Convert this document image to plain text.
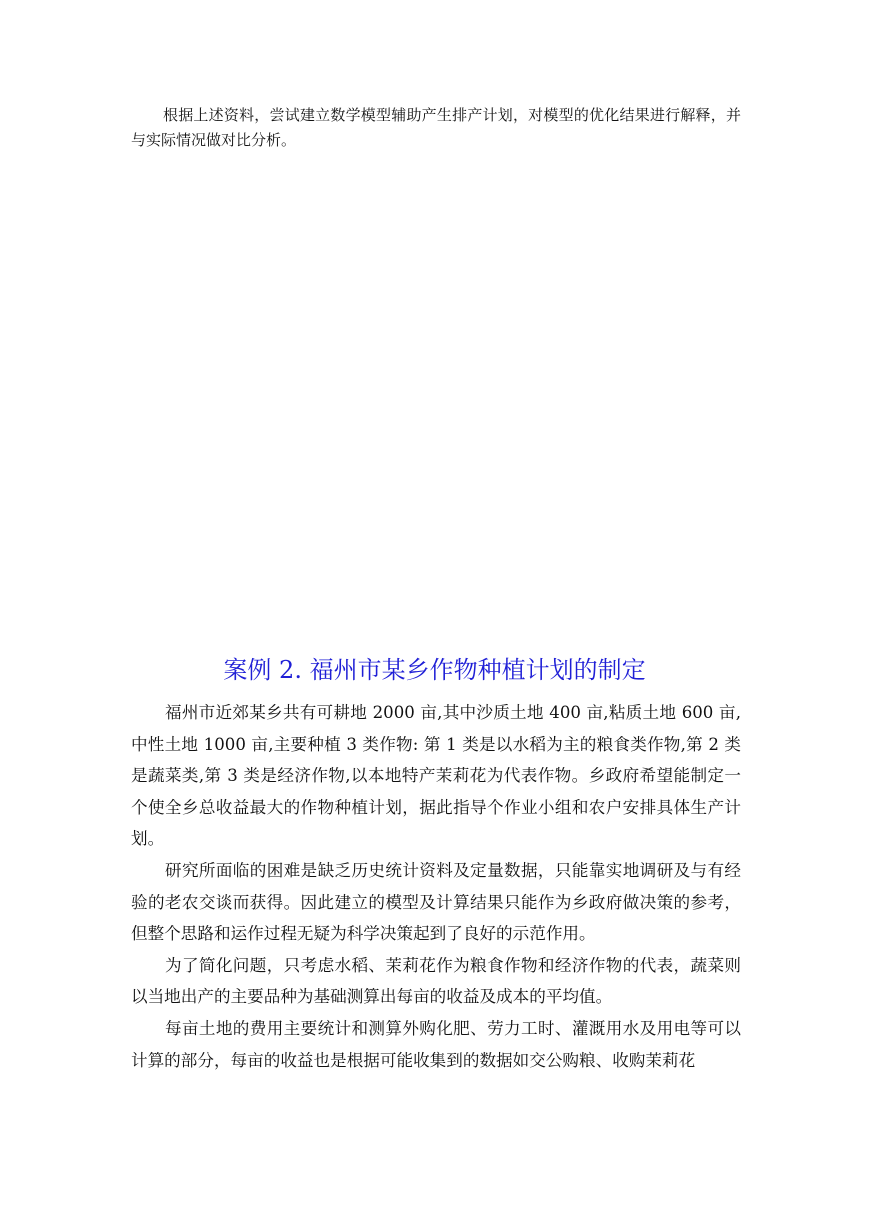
根据上述资料，尝试建立数学模型辅助产生排产计划，对模型的优化结果进行解释，并与实际情况做对比分析。

案例 2. 福州市某乡作物种植计划的制定

福州市近郊某乡共有可耕地 2000 亩,其中沙质土地 400 亩,粘质土地 600 亩,中性土地 1000 亩,主要种植 3 类作物: 第 1 类是以水稻为主的粮食类作物,第 2 类是蔬菜类,第 3 类是经济作物,以本地特产茉莉花为代表作物。乡政府希望能制定一个使全乡总收益最大的作物种植计划，据此指导个作业小组和农户安排具体生产计划。

研究所面临的困难是缺乏历史统计资料及定量数据，只能靠实地调研及与有经验的老农交谈而获得。因此建立的模型及计算结果只能作为乡政府做决策的参考，但整个思路和运作过程无疑为科学决策起到了良好的示范作用。

为了简化问题，只考虑水稻、茉莉花作为粮食作物和经济作物的代表，蔬菜则以当地出产的主要品种为基础测算出每亩的收益及成本的平均值。

每亩土地的费用主要统计和测算外购化肥、劳力工时、灌溉用水及用电等可以计算的部分，每亩的收益也是根据可能收集到的数据如交公购粮、收购茉莉花
